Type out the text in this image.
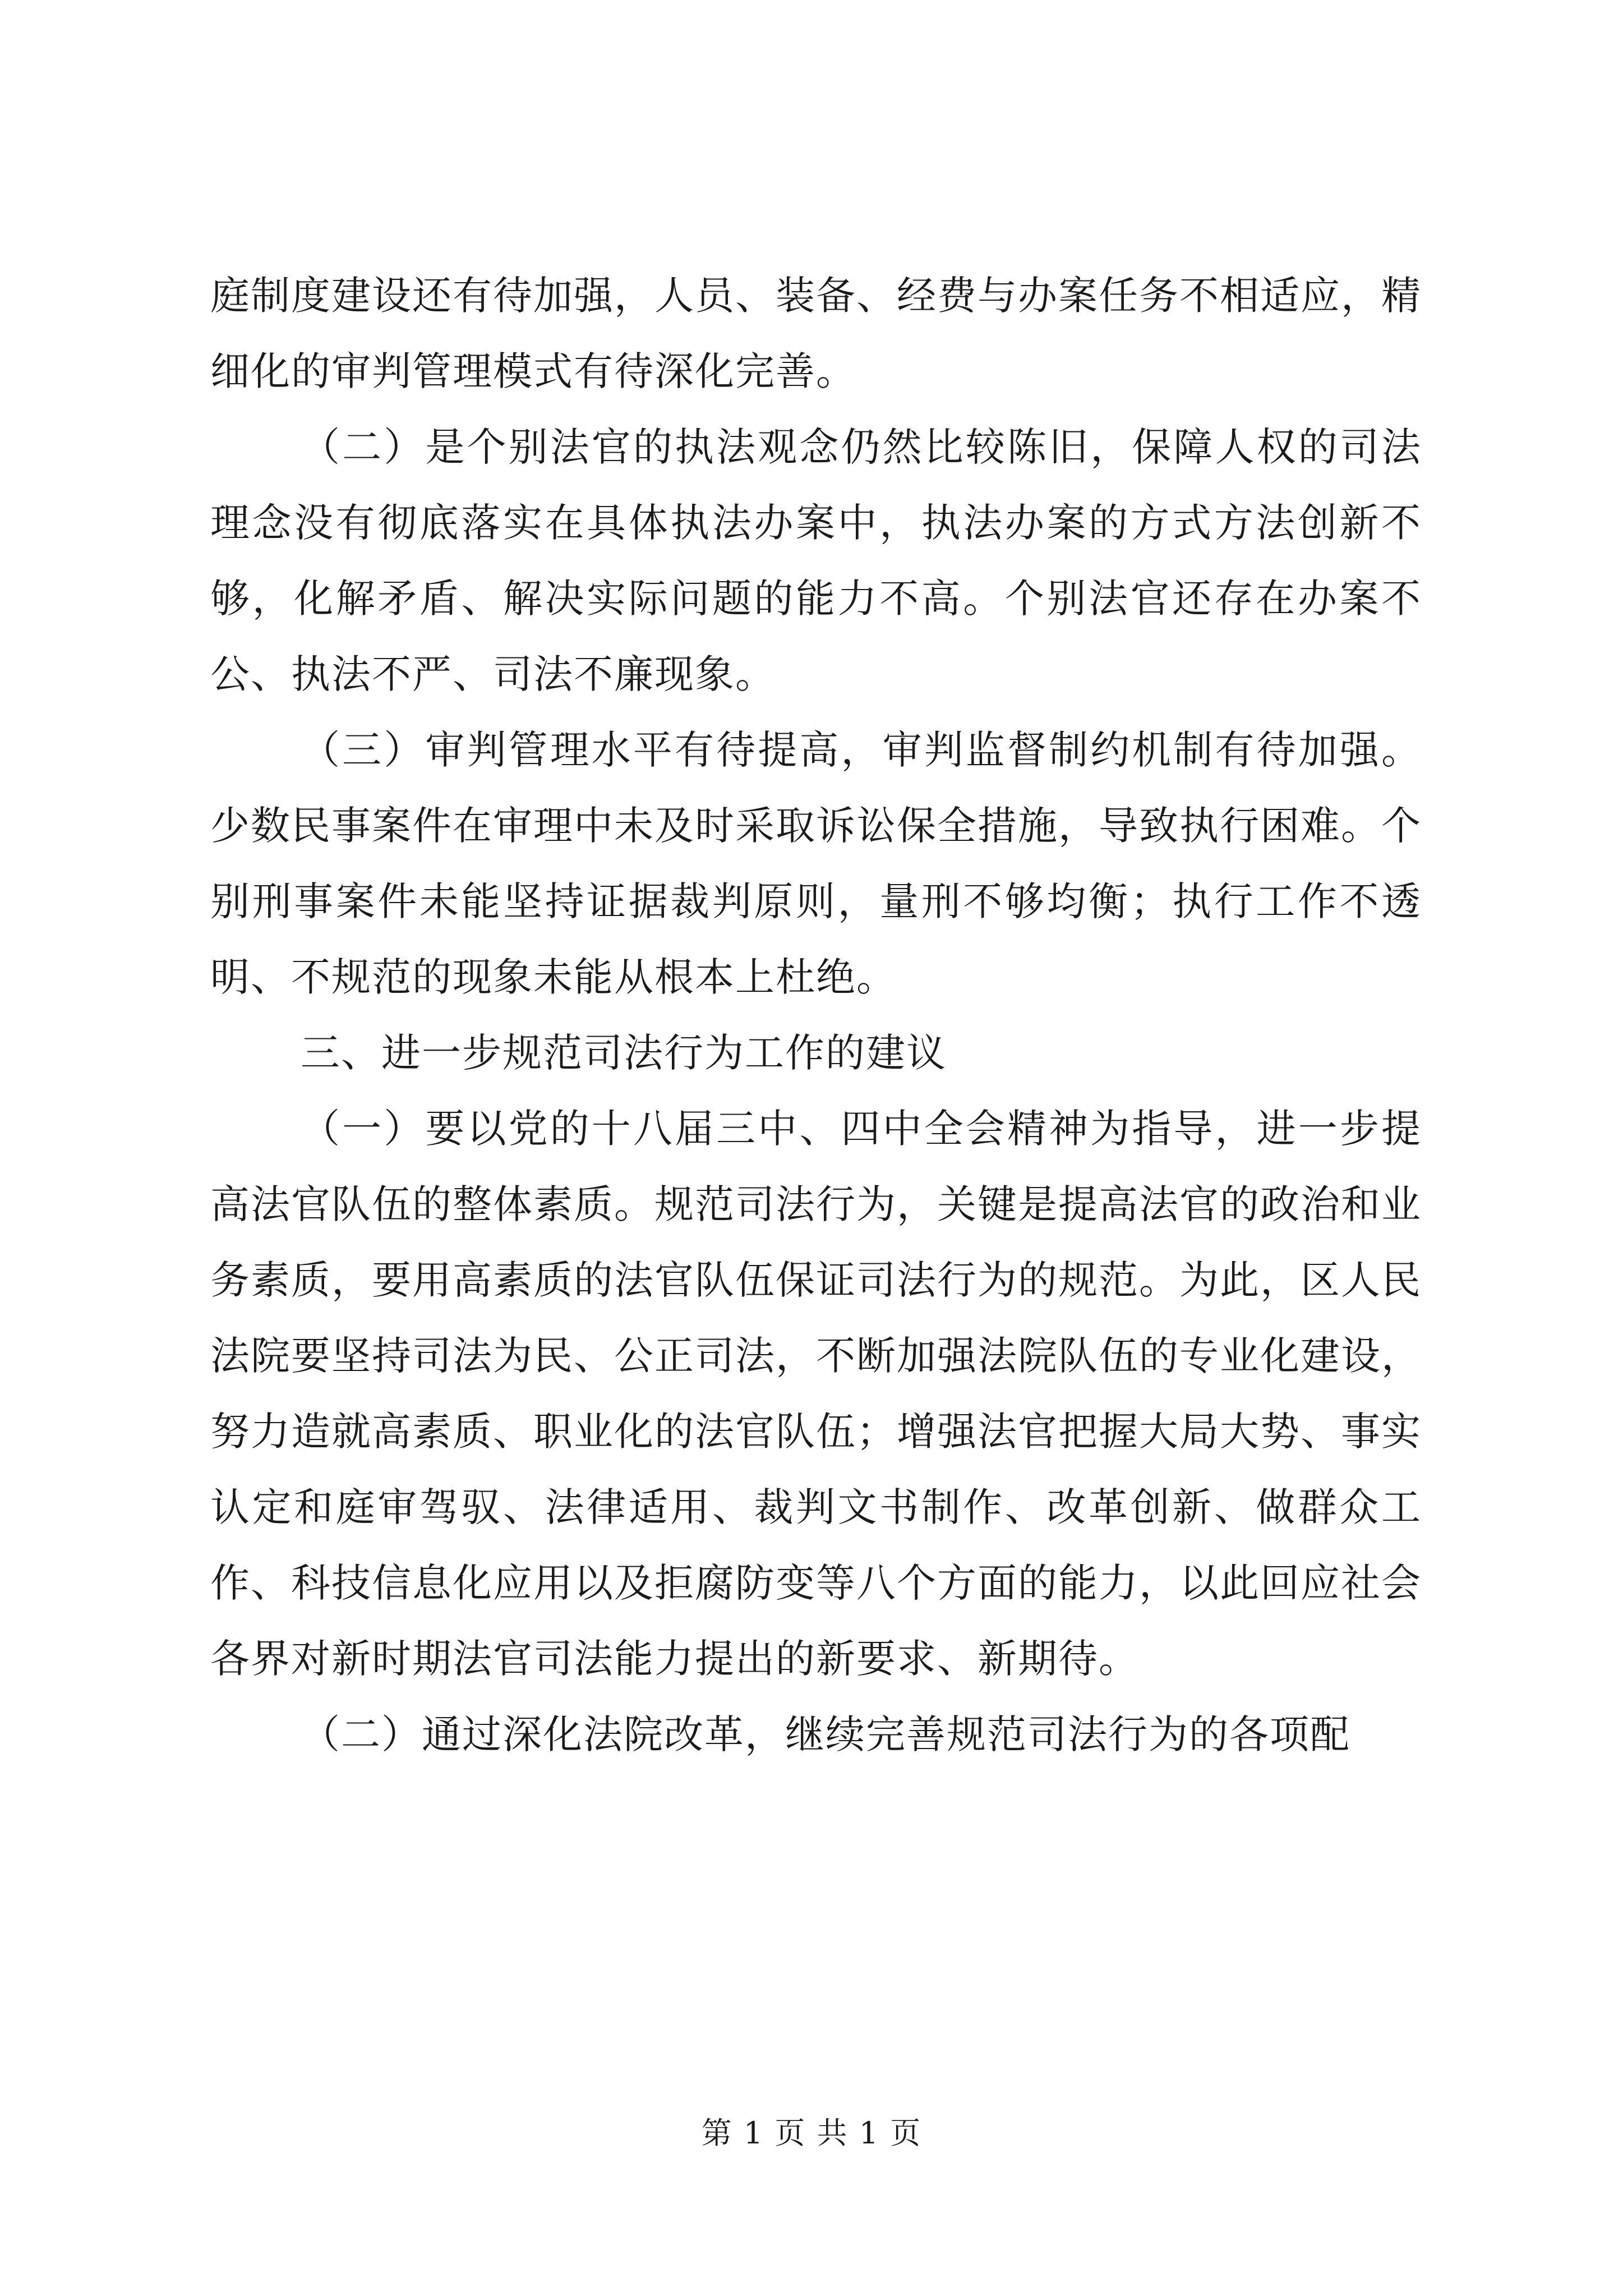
庭制度建设还有待加强，人员、装备、经费与办案任务不相适应，精细化的审判管理模式有待深化完善。

（二）是个别法官的执法观念仍然比较陈旧，保障人权的司法理念没有彻底落实在具体执法办案中，执法办案的方式方法创新不够，化解矛盾、解决实际问题的能力不高。个别法官还存在办案不公、执法不严、司法不廉现象。

（三）审判管理水平有待提高，审判监督制约机制有待加强。少数民事案件在审理中未及时采取诉讼保全措施，导致执行困难。个别刑事案件未能坚持证据裁判原则，量刑不够均衡；执行工作不透明、不规范的现象未能从根本上杜绝。

三、进一步规范司法行为工作的建议

（一）要以党的十八届三中、四中全会精神为指导，进一步提高法官队伍的整体素质。规范司法行为，关键是提高法官的政治和业务素质，要用高素质的法官队伍保证司法行为的规范。为此，区人民法院要坚持司法为民、公正司法，不断加强法院队伍的专业化建设，努力造就高素质、职业化的法官队伍；增强法官把握大局大势、事实认定和庭审驾驭、法律适用、裁判文书制作、改革创新、做群众工作、科技信息化应用以及拒腐防变等八个方面的能力，以此回应社会各界对新时期法官司法能力提出的新要求、新期待。

（二）通过深化法院改革，继续完善规范司法行为的各项配

第 1 页 共 1 页
